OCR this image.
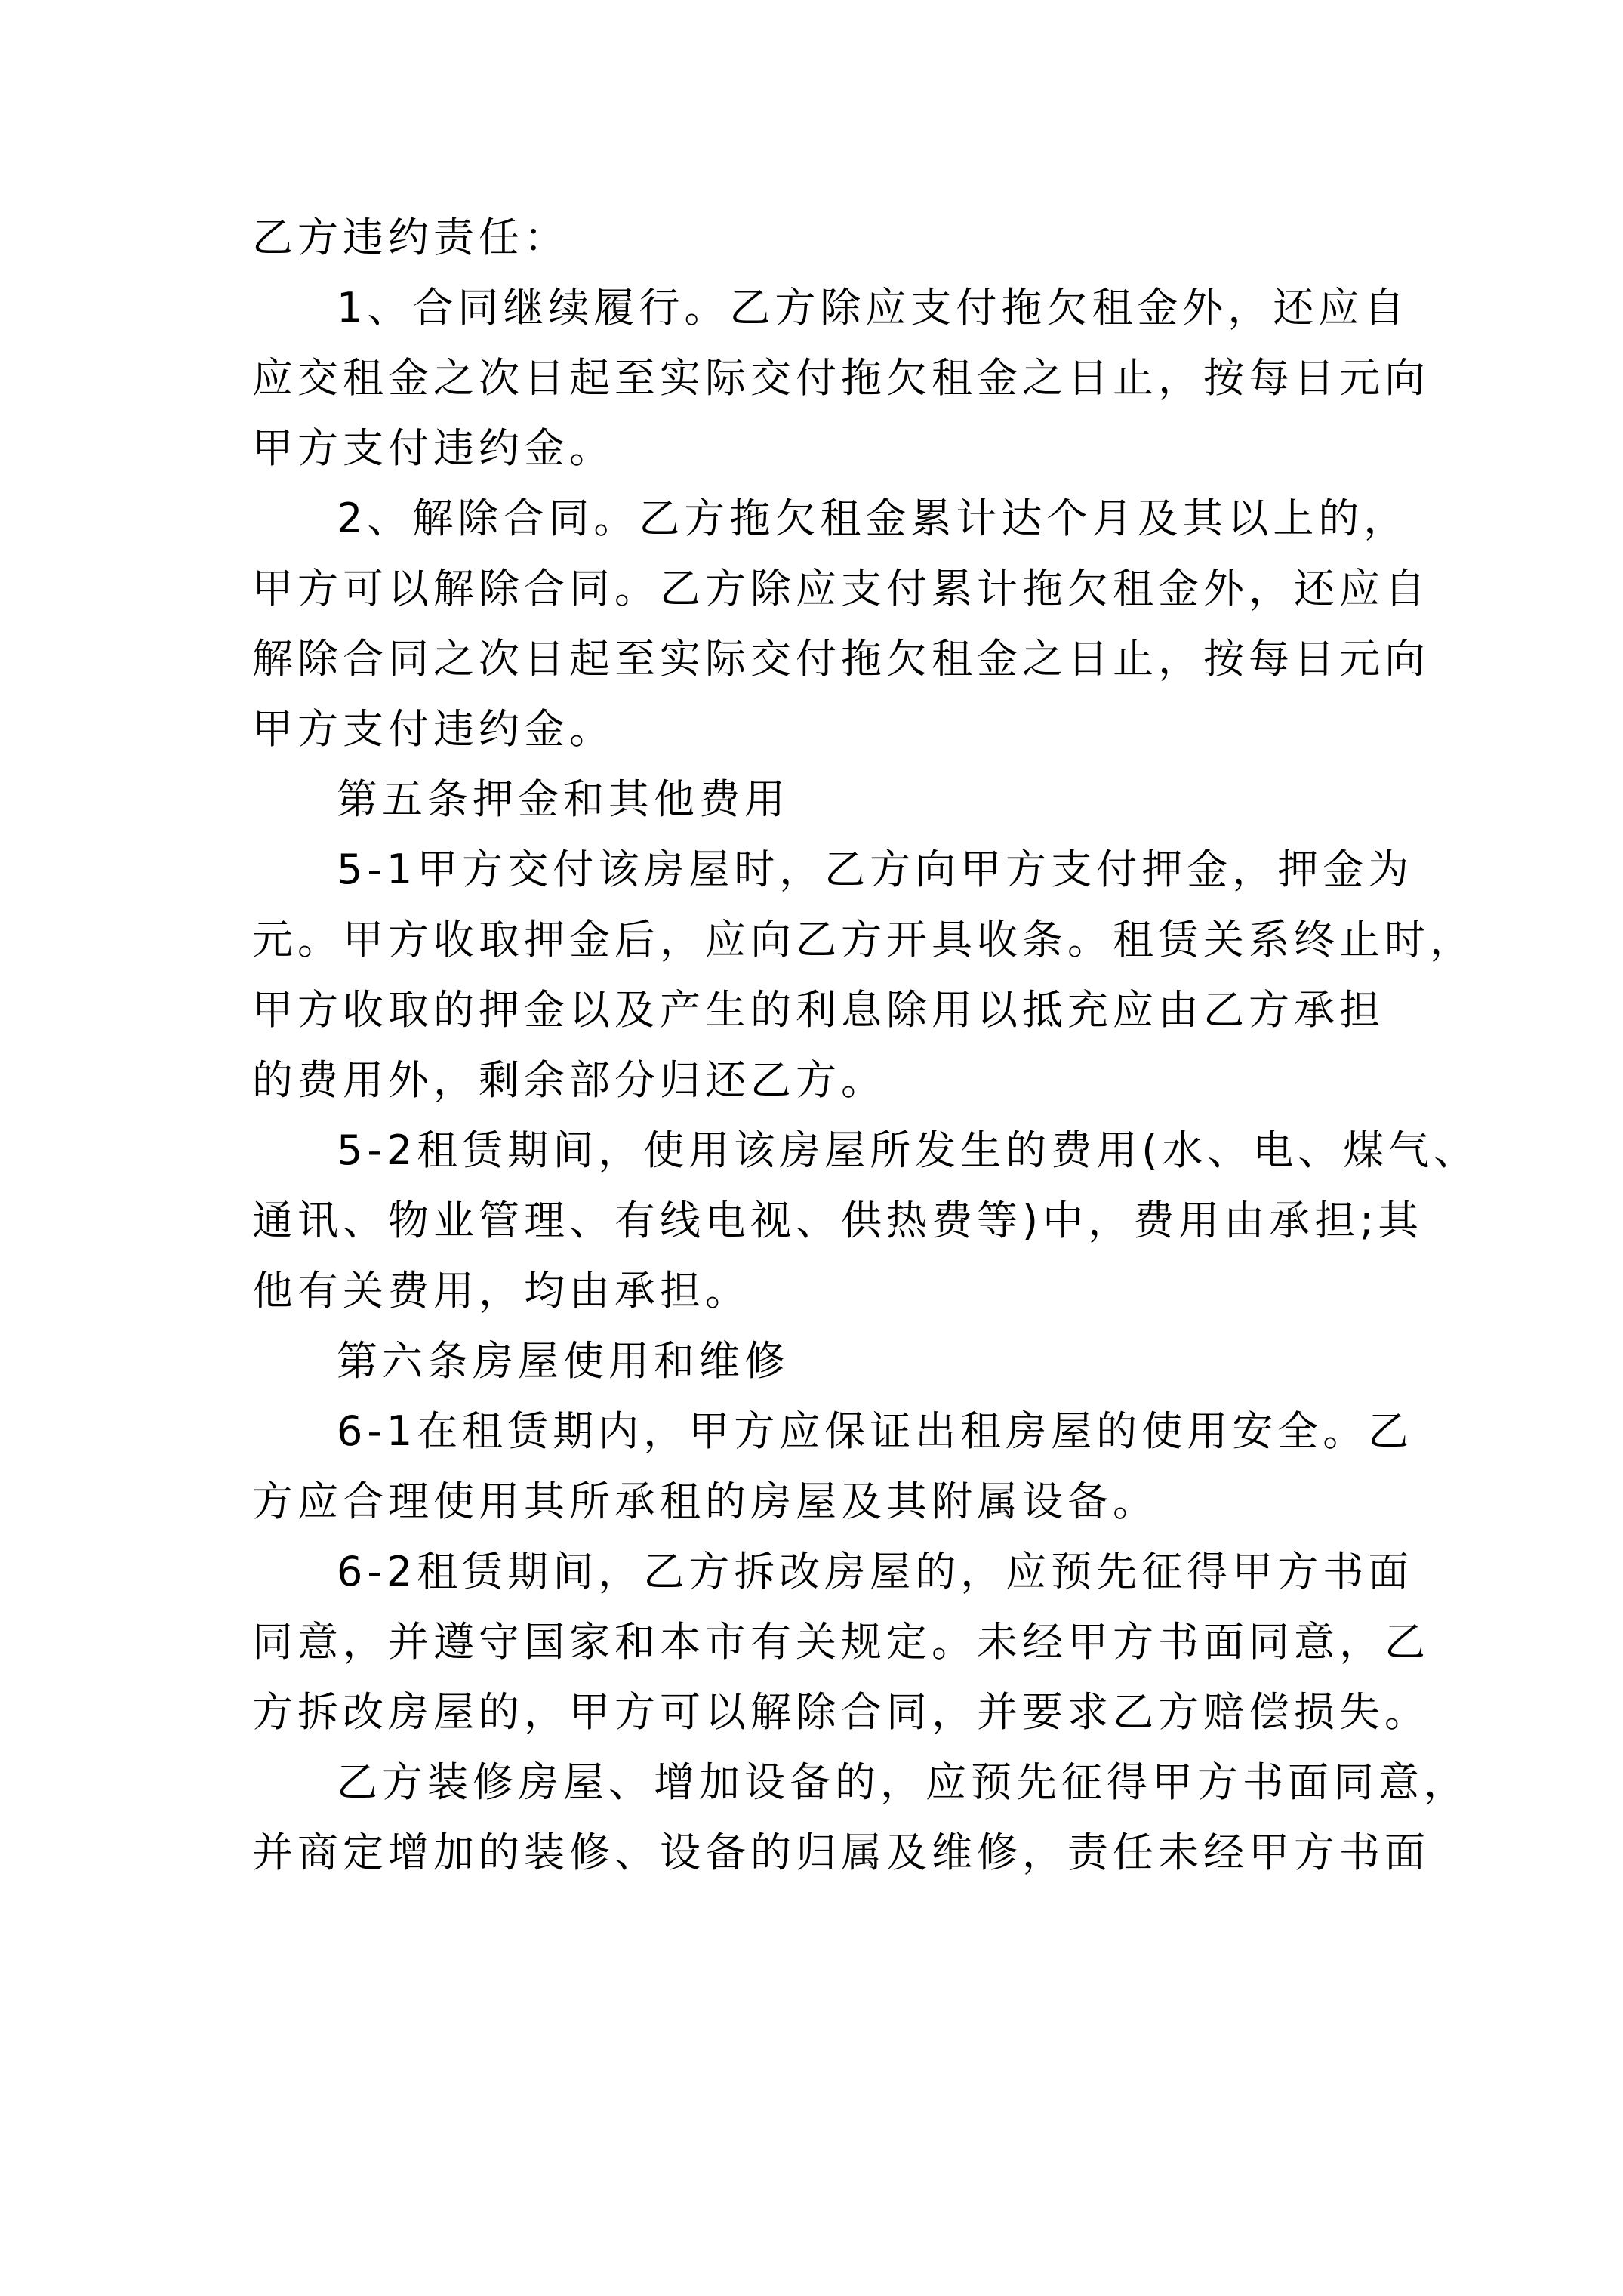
乙方违约责任：
1、合同继续履行。乙方除应支付拖欠租金外，还应自
应交租金之次日起至实际交付拖欠租金之日止，按每日元向
甲方支付违约金。
2、解除合同。乙方拖欠租金累计达个月及其以上的，
甲方可以解除合同。乙方除应支付累计拖欠租金外，还应自
解除合同之次日起至实际交付拖欠租金之日止，按每日元向
甲方支付违约金。
第五条押金和其他费用
5-1甲方交付该房屋时，乙方向甲方支付押金，押金为
元。甲方收取押金后，应向乙方开具收条。租赁关系终止时，
甲方收取的押金以及产生的利息除用以抵充应由乙方承担
的费用外，剩余部分归还乙方。
5-2租赁期间，使用该房屋所发生的费用(水、电、煤气、
通讯、物业管理、有线电视、供热费等)中，费用由承担;其
他有关费用，均由承担。
第六条房屋使用和维修
6-1在租赁期内，甲方应保证出租房屋的使用安全。乙
方应合理使用其所承租的房屋及其附属设备。
6-2租赁期间，乙方拆改房屋的，应预先征得甲方书面
同意，并遵守国家和本市有关规定。未经甲方书面同意，乙
方拆改房屋的，甲方可以解除合同，并要求乙方赔偿损失。
乙方装修房屋、增加设备的，应预先征得甲方书面同意，
并商定增加的装修、设备的归属及维修，责任未经甲方书面
